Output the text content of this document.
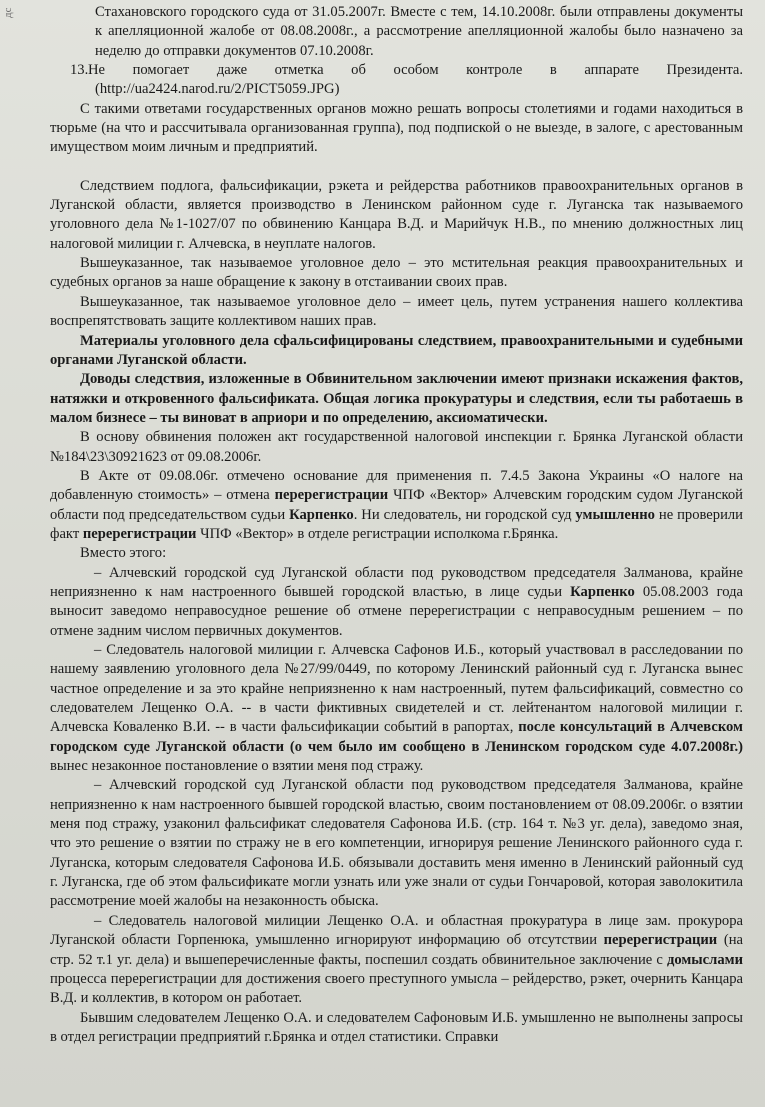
дс	Стахановского городского суда от 31.05.2007г. Вместе с тем, 14.10.2008г. были отправлены документы к апелляционной жалобе от 08.08.2008г., а рассмотрение апелляционной жалобы было назначено за неделю до отправки документов 07.10.2008г.

13.Не помогает даже отметка об особом контроле в аппарате Президента. (http://ua2424.narod.ru/2/PICT5059.JPG)

С такими ответами государственных органов можно решать вопросы столетиями и годами находиться в тюрьме (на что и рассчитывала организованная группа), под подпиской о не выезде, в залоге, с арестованным имуществом моим личным и предприятий.

Следствием подлога, фальсификации, рэкета и рейдерства работников правоохранительных органов в Луганской области, является производство в Ленинском районном суде г. Луганска так называемого уголовного дела №1-1027/07 по обвинению Канцара В.Д. и Марийчук Н.В., по мнению должностных лиц налоговой милиции г. Алчевска, в неуплате налогов.

Вышеуказанное, так называемое уголовное дело – это мстительная реакция правоохранительных и судебных органов за наше обращение к закону в отстаивании своих прав.

Вышеуказанное, так называемое уголовное дело – имеет цель, путем устранения нашего коллектива воспрепятствовать защите коллективом наших прав.

Материалы уголовного дела сфальсифицированы следствием, правоохранительными и судебными органами Луганской области.

Доводы следствия, изложенные в Обвинительном заключении имеют признаки искажения фактов, натяжки и откровенного фальсификата. Общая логика прокуратуры и следствия, если ты работаешь в малом бизнесе – ты виноват в априори и по определению, аксиоматически.

В основу обвинения положен акт государственной налоговой инспекции г. Брянка Луганской области №184\23\30921623 от 09.08.2006г.

В Акте от 09.08.06г. отмечено основание для применения п. 7.4.5 Закона Украины «О налоге на добавленную стоимость» – отмена перерегистрации ЧПФ «Вектор» Алчевским городским судом Луганской области под председательством судьи Карпенко. Ни следователь, ни городской суд умышленно не проверили факт перерегистрации ЧПФ «Вектор» в отделе регистрации исполкома г.Брянка.

Вместо этого:

– Алчевский городской суд Луганской области под руководством председателя Залманова, крайне неприязненно к нам настроенного бывшей городской властью, в лице судьи Карпенко 05.08.2003 года выносит заведомо неправосудное решение об отмене перерегистрации с неправосудным решением – по отмене задним числом первичных документов.

– Следователь налоговой милиции г. Алчевска Сафонов И.Б., который участвовал в расследовании по нашему заявлению уголовного дела №27/99/0449, по которому Ленинский районный суд г. Луганска вынес частное определение и за это крайне неприязненно к нам настроенный, путем фальсификаций, совместно со следователем Лещенко О.А. -- в части фиктивных свидетелей и ст. лейтенантом налоговой милиции г. Алчевска Коваленко В.И. -- в части фальсификации событий в рапортах, после консультаций в Алчевском городском суде Луганской области (о чем было им сообщено в Ленинском городском суде 4.07.2008г.) вынес незаконное постановление о взятии меня под стражу.

– Алчевский городской суд Луганской области под руководством председателя Залманова, крайне неприязненно к нам настроенного бывшей городской властью, своим постановлением от 08.09.2006г. о взятии меня под стражу, узаконил фальсификат следователя Сафонова И.Б. (стр. 164 т. №3 уг. дела), заведомо зная, что это решение о взятии по стражу не в его компетенции, игнорируя решение Ленинского районного суда г. Луганска, которым следователя Сафонова И.Б. обязывали доставить меня именно в Ленинский районный суд г. Луганска, где об этом фальсификате могли узнать или уже знали от судьи Гончаровой, которая заволокитила рассмотрение моей жалобы на незаконность обыска.

– Следователь налоговой милиции Лещенко О.А. и областная прокуратура в лице зам. прокурора Луганской области Горпенюка, умышленно игнорируют информацию об отсутствии перерегистрации (на стр. 52 т.1 уг. дела) и вышеперечисленные факты, поспешил создать обвинительное заключение с домыслами процесса перерегистрации для достижения своего преступного умысла – рейдерство, рэкет, очернить Канцара В.Д. и коллектив, в котором он работает.

Бывшим следователем Лещенко О.А. и следователем Сафоновым И.Б. умышленно не выполнены запросы в отдел регистрации предприятий г.Брянка и отдел статистики. Справки
